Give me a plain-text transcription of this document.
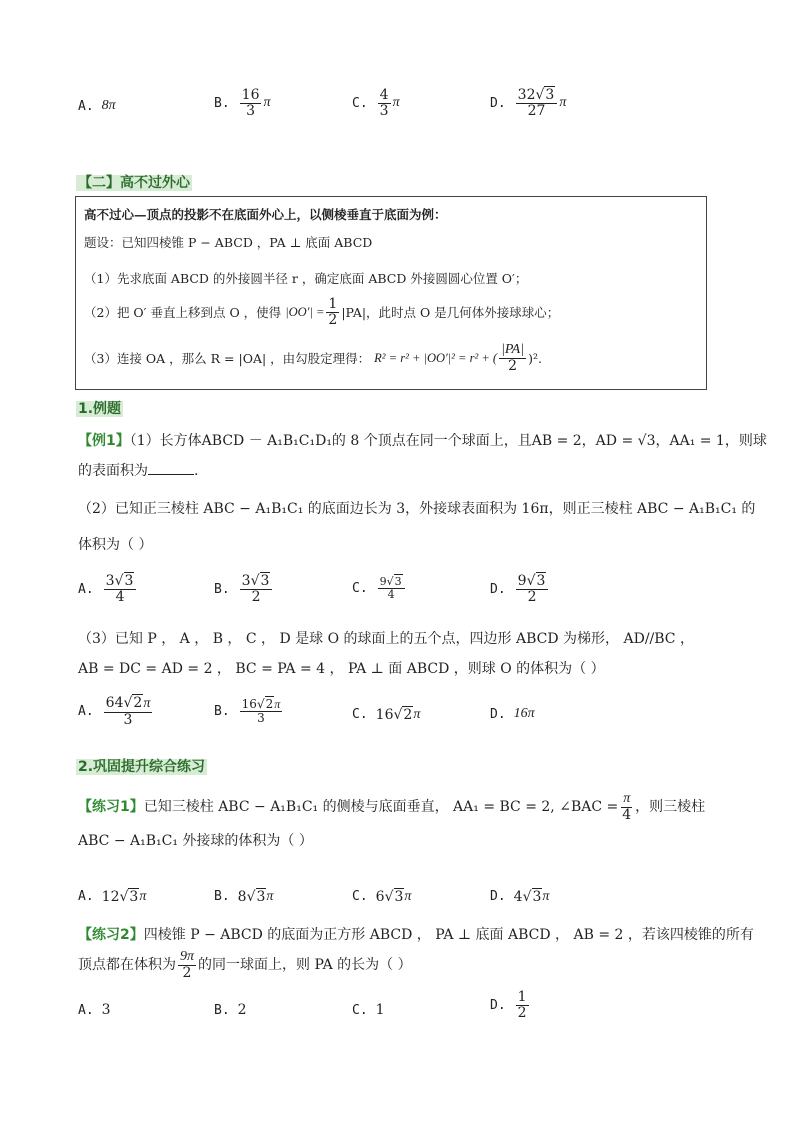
A. 8π	B. $\frac{16}{3}$ π	C. $\frac{4}{3}$ π	D. $\frac{32√3}{27}$ π
【二】高不过外心
高不过心—顶点的投影不在底面外心上，以侧棱垂直于底面为例：
题设：已知四棱锥 P − ABCD ，PA ⊥ 底面 ABCD
（1）先求底面 ABCD 的外接圆半径 r ，确定底面 ABCD 外接圆圆心位置 O′；
（2）把 O′ 垂直上移到点 O ，使得 $|OO'| = \frac{1}{2} |PA|$，此时点 O 是几何体外接球球心；
（3）连接 OA ，那么 R = |OA| ，由勾股定理得： R² = r² + |OO′|² = r² + ( $\frac{|PA|}{2} )^2$.
1.例题
【例1】（1）长方体ABCD － A₁B₁C₁D₁的 8 个顶点在同一个球面上，且AB = 2，AD = √3，AA₁ = 1，则球
的表面积为	.
（2）已知正三棱柱 ABC − A₁B₁C₁ 的底面边长为 3，外接球表面积为 16π，则正三棱柱 ABC − A₁B₁C₁ 的
体积为（ ）
A. $\frac{3√3}{4}$	B. $\frac{3√3}{2}$	C. $\frac{9√3}{4}$	D. $\frac{9√3}{2}$
（3）已知 P ， A ， B ， C ， D 是球 O 的球面上的五个点，四边形 ABCD 为梯形， AD//BC ，
AB = DC = AD = 2 ， BC = PA = 4 ， PA ⊥ 面 ABCD ，则球 O 的体积为（ ）
A. $\frac{64√2\pi}{3}$	B. $\frac{16√2\pi}{3}$	C. 16 √ 2 π	D. 16π
2.巩固提升综合练习
【练习1】 已知三棱柱 ABC − A₁B₁C₁ 的侧棱与底面垂直， AA₁ = BC = 2, ∠BAC = $\frac{\pi}{4}$ ，则三棱柱
ABC − A₁B₁C₁ 外接球的体积为（ ）
A. 12 √ 3 π	B. 8 √ 3 π	C. 6 √ 3 π	D. 4 √ 3 π
【练习2】四棱锥 P − ABCD 的底面为正方形 ABCD ， PA ⊥ 底面 ABCD ， AB = 2 ，若该四棱锥的所有
顶点都在体积为 $\frac{9\pi}{2}$ 的同一球面上，则 PA 的长为（ ）
A. 3	B. 2	C. 1	D. $\frac{1}{2}$
